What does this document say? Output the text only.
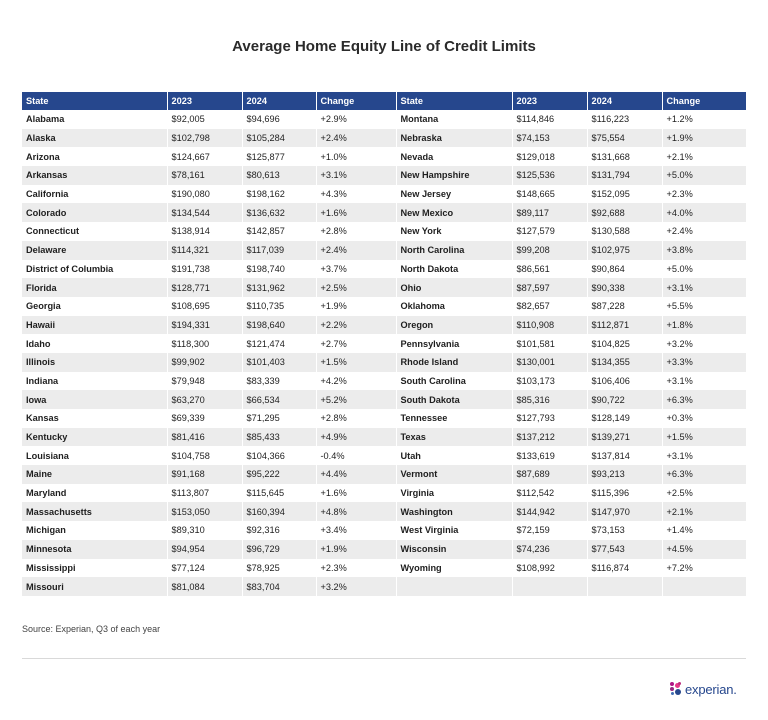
Average Home Equity Line of Credit Limits
State	2023	2024	Change	State	2023	2024	Change
Alabama	$92,005	$94,696	+2.9%	Montana	$114,846	$116,223	+1.2%
Alaska	$102,798	$105,284	+2.4%	Nebraska	$74,153	$75,554	+1.9%
Arizona	$124,667	$125,877	+1.0%	Nevada	$129,018	$131,668	+2.1%
Arkansas	$78,161	$80,613	+3.1%	New Hampshire	$125,536	$131,794	+5.0%
California	$190,080	$198,162	+4.3%	New Jersey	$148,665	$152,095	+2.3%
Colorado	$134,544	$136,632	+1.6%	New Mexico	$89,117	$92,688	+4.0%
Connecticut	$138,914	$142,857	+2.8%	New York	$127,579	$130,588	+2.4%
Delaware	$114,321	$117,039	+2.4%	North Carolina	$99,208	$102,975	+3.8%
District of Columbia	$191,738	$198,740	+3.7%	North Dakota	$86,561	$90,864	+5.0%
Florida	$128,771	$131,962	+2.5%	Ohio	$87,597	$90,338	+3.1%
Georgia	$108,695	$110,735	+1.9%	Oklahoma	$82,657	$87,228	+5.5%
Hawaii	$194,331	$198,640	+2.2%	Oregon	$110,908	$112,871	+1.8%
Idaho	$118,300	$121,474	+2.7%	Pennsylvania	$101,581	$104,825	+3.2%
Illinois	$99,902	$101,403	+1.5%	Rhode Island	$130,001	$134,355	+3.3%
Indiana	$79,948	$83,339	+4.2%	South Carolina	$103,173	$106,406	+3.1%
Iowa	$63,270	$66,534	+5.2%	South Dakota	$85,316	$90,722	+6.3%
Kansas	$69,339	$71,295	+2.8%	Tennessee	$127,793	$128,149	+0.3%
Kentucky	$81,416	$85,433	+4.9%	Texas	$137,212	$139,271	+1.5%
Louisiana	$104,758	$104,366	-0.4%	Utah	$133,619	$137,814	+3.1%
Maine	$91,168	$95,222	+4.4%	Vermont	$87,689	$93,213	+6.3%
Maryland	$113,807	$115,645	+1.6%	Virginia	$112,542	$115,396	+2.5%
Massachusetts	$153,050	$160,394	+4.8%	Washington	$144,942	$147,970	+2.1%
Michigan	$89,310	$92,316	+3.4%	West Virginia	$72,159	$73,153	+1.4%
Minnesota	$94,954	$96,729	+1.9%	Wisconsin	$74,236	$77,543	+4.5%
Mississippi	$77,124	$78,925	+2.3%	Wyoming	$108,992	$116,874	+7.2%
Missouri	$81,084	$83,704	+3.2%				
Source: Experian, Q3 of each year
experian.
